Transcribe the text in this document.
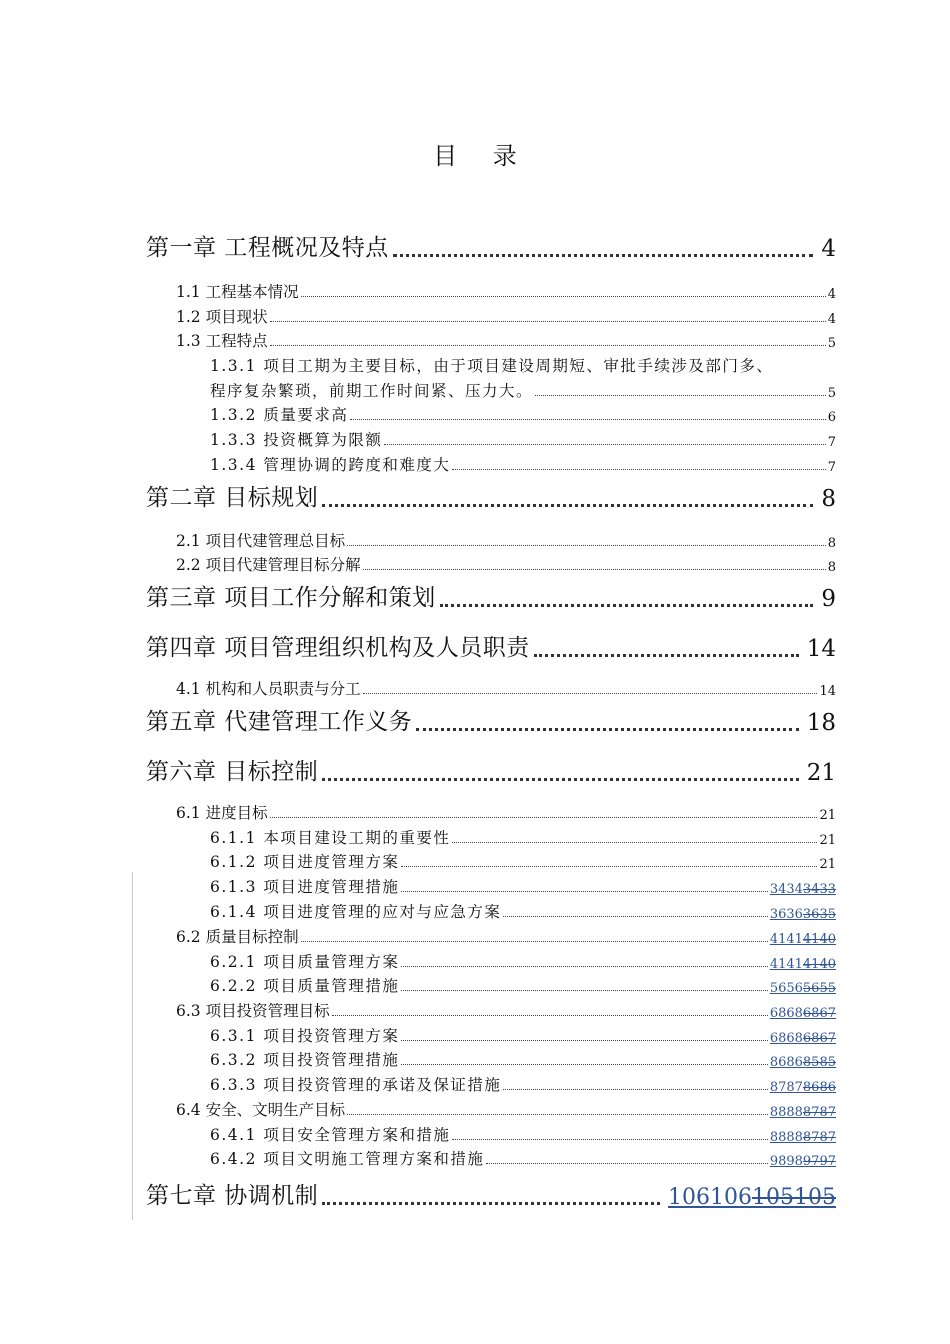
目 录
第一章 工程概况及特点	4
1.1 工程基本情况	4
1.2 项目现状	4
1.3 工程特点	5
1.3.1 项目工期为主要目标，由于项目建设周期短、审批手续涉及部门多、
程序复杂繁琐，前期工作时间紧、压力大。	5
1.3.2 质量要求高	6
1.3.3 投资概算为限额	7
1.3.4 管理协调的跨度和难度大	7
第二章 目标规划	8
2.1 项目代建管理总目标	8
2.2 项目代建管理目标分解	8
第三章 项目工作分解和策划	9
第四章 项目管理组织机构及人员职责	14
4.1 机构和人员职责与分工	14
第五章 代建管理工作义务	18
第六章 目标控制	21
6.1 进度目标	21
6.1.1 本项目建设工期的重要性	21
6.1.2 项目进度管理方案	21
6.1.3 项目进度管理措施	34343433
6.1.4 项目进度管理的应对与应急方案	36363635
6.2 质量目标控制	41414140
6.2.1 项目质量管理方案	41414140
6.2.2 项目质量管理措施	56565655
6.3 项目投资管理目标	68686867
6.3.1 项目投资管理方案	68686867
6.3.2 项目投资管理措施	86868585
6.3.3 项目投资管理的承诺及保证措施	87878686
6.4 安全、文明生产目标	88888787
6.4.1 项目安全管理方案和措施	88888787
6.4.2 项目文明施工管理方案和措施	98989797
第七章 协调机制	106106105105
